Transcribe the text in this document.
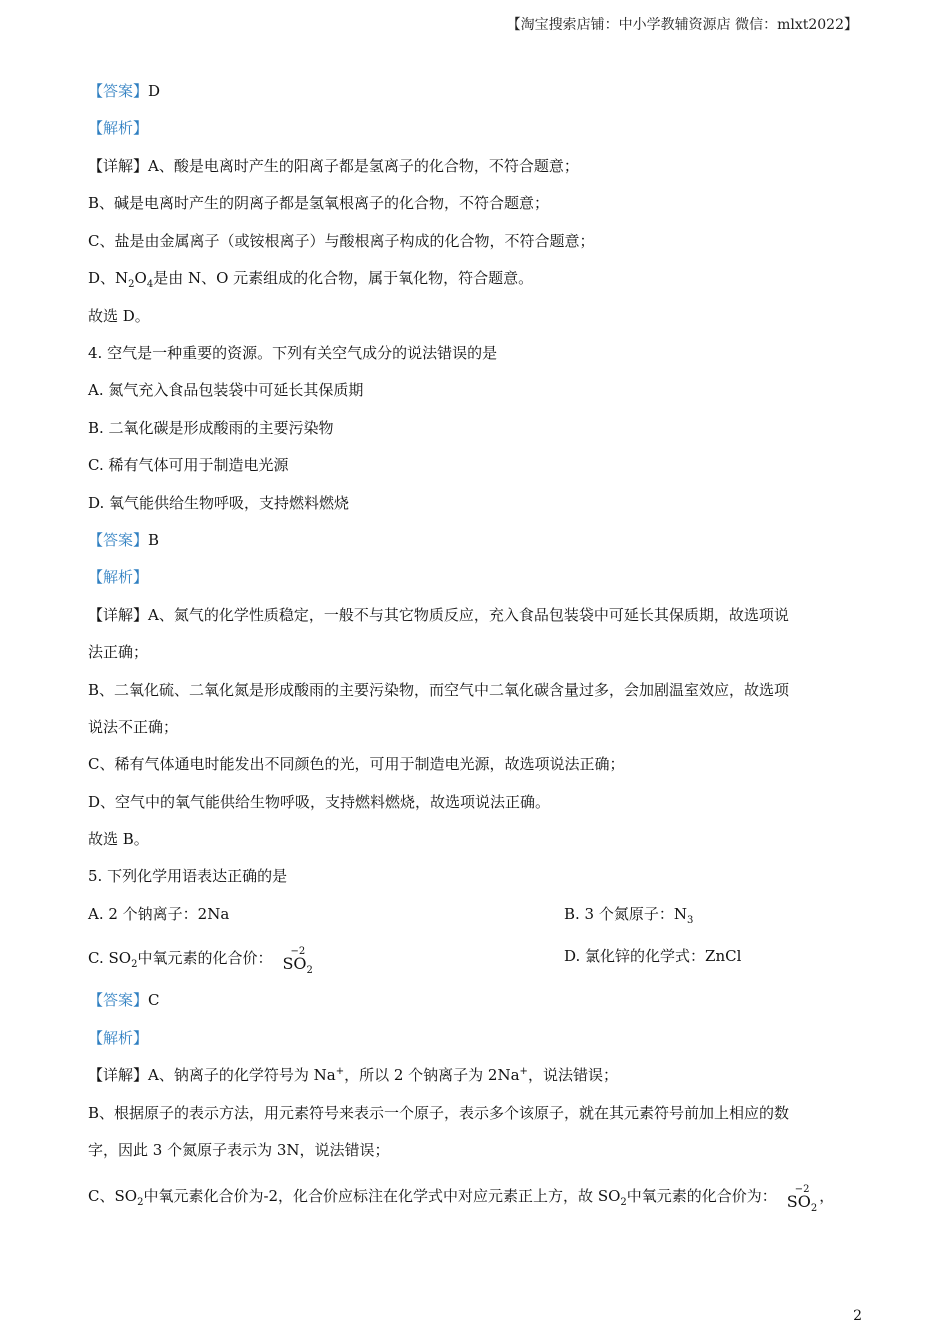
【淘宝搜索店铺：中小学教辅资源店 微信：mlxt2022】
【答案】D
【解析】
【详解】A、酸是电离时产生的阳离子都是氢离子的化合物，不符合题意；
B、碱是电离时产生的阴离子都是氢氧根离子的化合物，不符合题意；
C、盐是由金属离子（或铵根离子）与酸根离子构成的化合物，不符合题意；
D、$N_2O_4$是由 N、O 元素组成的化合物，属于氧化物，符合题意。
故选 D。
4. 空气是一种重要的资源。下列有关空气成分的说法错误的是
A. 氮气充入食品包装袋中可延长其保质期
B. 二氧化碳是形成酸雨的主要污染物
C. 稀有气体可用于制造电光源
D. 氧气能供给生物呼吸，支持燃料燃烧
【答案】B
【解析】
【详解】A、氮气的化学性质稳定，一般不与其它物质反应，充入食品包装袋中可延长其保质期，故选项说
法正确；
B、二氧化硫、二氧化氮是形成酸雨的主要污染物，而空气中二氧化碳含量过多，会加剧温室效应，故选项
说法不正确；
C、稀有气体通电时能发出不同颜色的光，可用于制造电光源，故选项说法正确；
D、空气中的氧气能供给生物呼吸，支持燃料燃烧，故选项说法正确。
故选 B。
5. 下列化学用语表达正确的是
A. 2 个钠离子：2Na	B. 3 个氮原子：$N_3$
C. $SO_2$中氧元素的化合价： −2
$SO_2$
D. 氯化锌的化学式：ZnCl
【答案】C
【解析】
【详解】A、钠离子的化学符号为 Na+，所以 2 个钠离子为 2Na+，说法错误；
B、根据原子的表示方法，用元素符号来表示一个原子，表示多个该原子，就在其元素符号前加上相应的数
字，因此 3 个氮原子表示为 3N，说法错误；
C、$SO_2$中氧元素化合价为-2，化合价应标注在化学式中对应元素正上方，故 $SO_2$中氧元素的化合价为： −2
$SO_2$，
2
